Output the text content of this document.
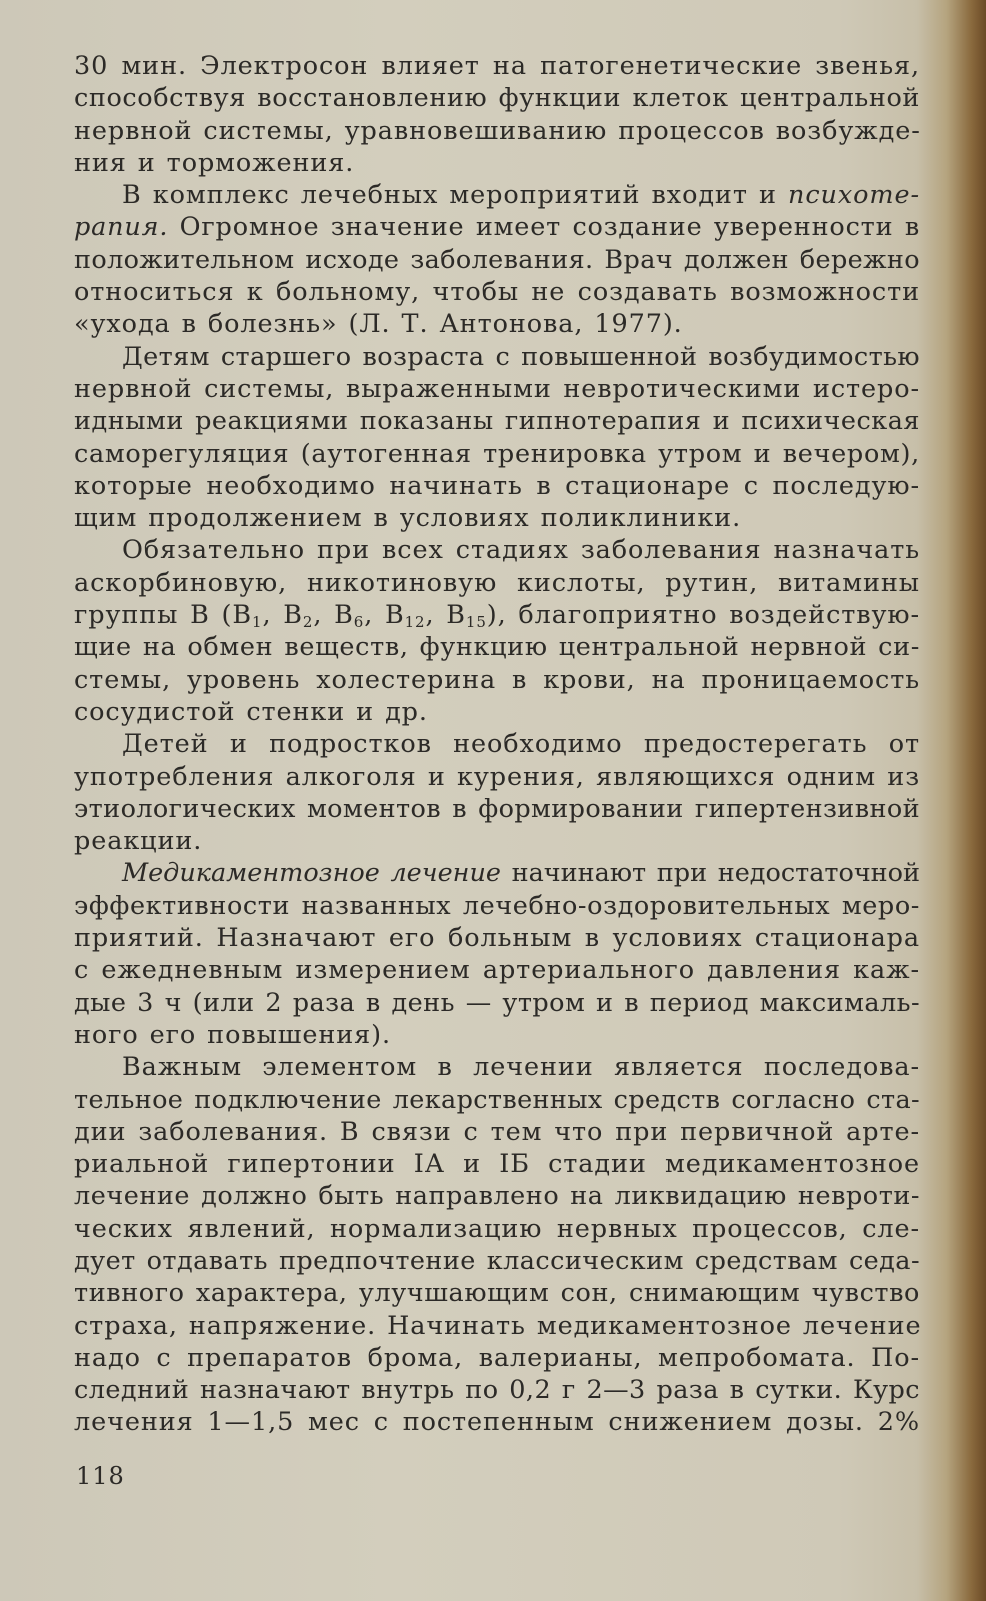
30 мин. Электросон влияет на патогенетические звенья,
способствуя восстановлению функции клеток центральной
нервной системы, уравновешиванию процессов возбужде-
ния и торможения.
В комплекс лечебных мероприятий входит и психоте-
рапия. Огромное значение имеет создание уверенности в
положительном исходе заболевания. Врач должен бережно
относиться к больному, чтобы не создавать возможности
«ухода в болезнь» (Л. Т. Антонова, 1977).
Детям старшего возраста с повышенной возбудимостью
нервной системы, выраженными невротическими истеро-
идными реакциями показаны гипнотерапия и психическая
саморегуляция (аутогенная тренировка утром и вечером),
которые необходимо начинать в стационаре с последую-
щим продолжением в условиях поликлиники.
Обязательно при всех стадиях заболевания назначать
аскорбиновую, никотиновую кислоты, рутин, витамины
группы В ($В_1$, $В_2$, $В_6$, $В_{12}$, $В_{15}$), благоприятно воздействую-
щие на обмен веществ, функцию центральной нервной си-
стемы, уровень холестерина в крови, на проницаемость
сосудистой стенки и др.
Детей и подростков необходимо предостерегать от
употребления алкоголя и курения, являющихся одним из
этиологических моментов в формировании гипертензивной
реакции.
Медикаментозное лечение начинают при недостаточной
эффективности названных лечебно-оздоровительных меро-
приятий. Назначают его больным в условиях стационара
с ежедневным измерением артериального давления каж-
дые 3 ч (или 2 раза в день — утром и в период максималь-
ного его повышения).
Важным элементом в лечении является последова-
тельное подключение лекарственных средств согласно ста-
дии заболевания. В связи с тем что при первичной арте-
риальной гипертонии IА и IБ стадии медикаментозное
лечение должно быть направлено на ликвидацию невроти-
ческих явлений, нормализацию нервных процессов, сле-
дует отдавать предпочтение классическим средствам седа-
тивного характера, улучшающим сон, снимающим чувство
страха, напряжение. Начинать медикаментозное лечение
надо с препаратов брома, валерианы, мепробомата. По-
следний назначают внутрь по 0,2 г 2—3 раза в сутки. Курс
лечения 1—1,5 мес с постепенным снижением дозы. 2%
118
